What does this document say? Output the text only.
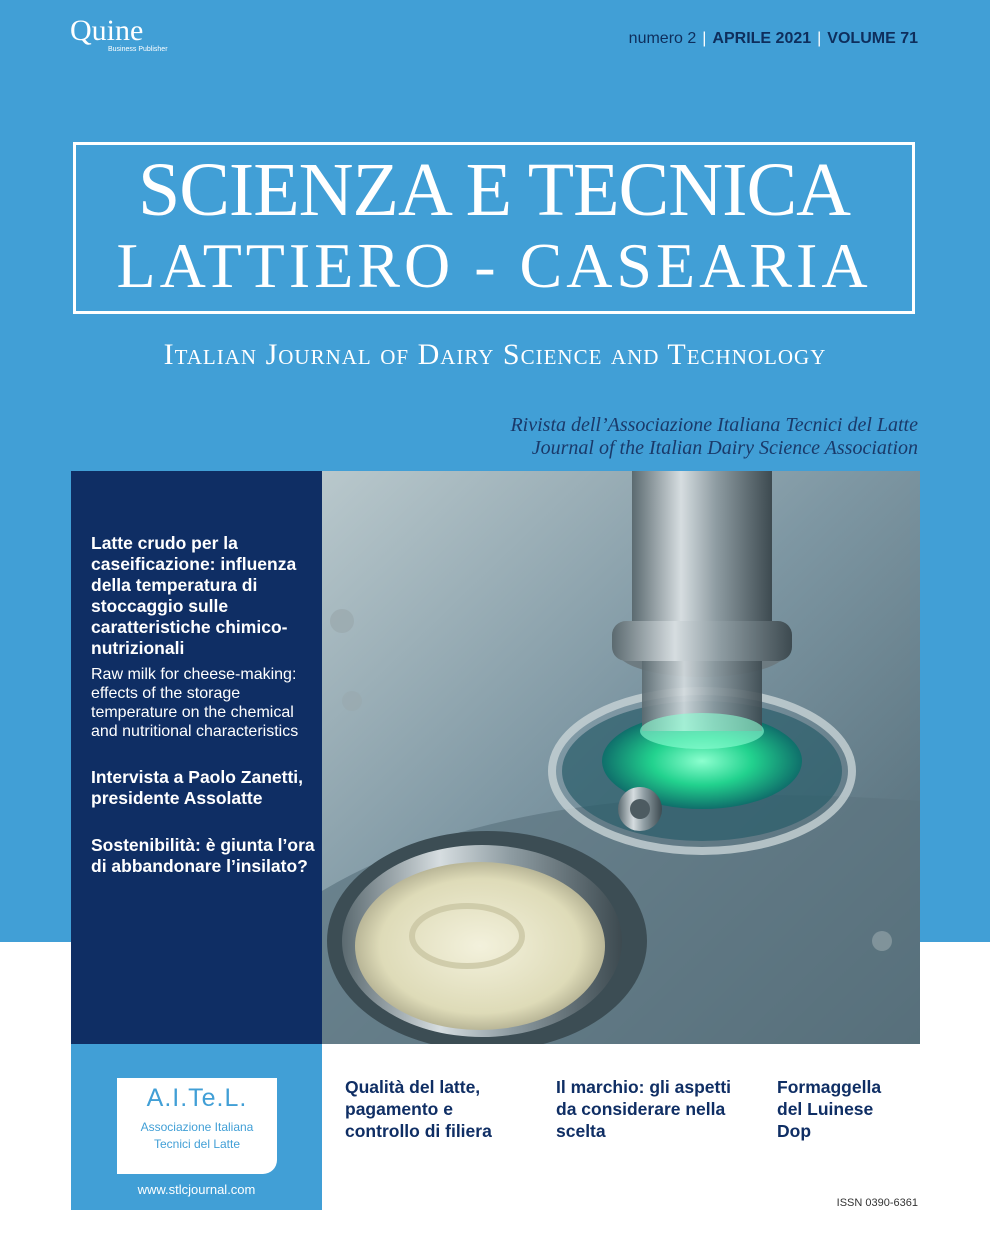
Quine
Business Publisher
numero 2 | APRILE 2021 | VOLUME 71
SCIENZA E TECNICA
LATTIERO - CASEARIA
Italian Journal of Dairy Science and Technology
Rivista dell’Associazione Italiana Tecnici del Latte
Journal of the Italian Dairy Science Association

Latte crudo per la caseificazione: influenza della temperatura di stoccaggio sulle caratteristiche chimico-nutrizionali

Raw milk for cheese-making: effects of the storage temperature on the chemical and nutritional characteristics

Intervista a Paolo Zanetti, presidente Assolatte

Sostenibilità: è giunta l’ora di abbandonare l’insilato?

A.I.Te.L.
Associazione Italiana
Tecnici del Latte
www.stlcjournal.com
Qualità del latte, pagamento e controllo di filiera
Il marchio: gli aspetti da considerare nella scelta
Formaggella del Luinese Dop
ISSN 0390-6361
